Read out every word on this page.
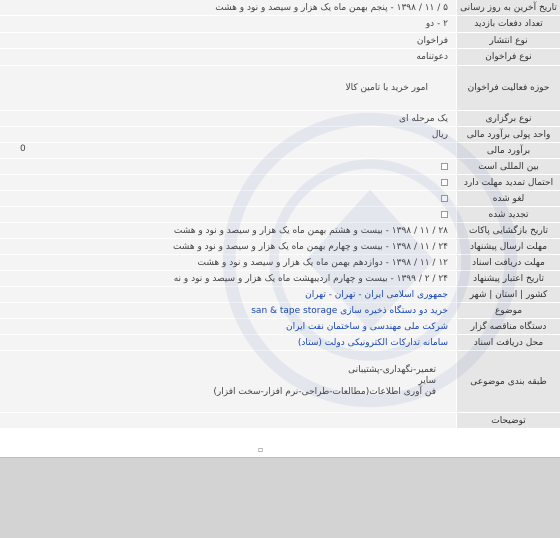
تاریخ آخرین به روز رسانی
۵ / ۱۱ / ۱۳۹۸ - پنجم بهمن ماه یک هزار و سیصد و نود و هشت
تعداد دفعات بازدید
۲ - دو
نوع انتشار
فراخوان
نوع فراخوان
دعوتنامه
حوزه فعالیت فراخوان
امور خرید با تامین کالا
نوع برگزاری
یک مرحله ای
واحد پولی برآورد مالی
ریال
برآورد مالی
0
بین المللی است
احتمال تمدید مهلت دارد
لغو شده
تجدید شده
تاریخ بازگشایی پاکات
۲۸ / ۱۱ / ۱۳۹۸ - بیست و هشتم بهمن ماه یک هزار و سیصد و نود و هشت
مهلت ارسال پیشنهاد
۲۴ / ۱۱ / ۱۳۹۸ - بیست و چهارم بهمن ماه یک هزار و سیصد و نود و هشت
مهلت دریافت اسناد
۱۲ / ۱۱ / ۱۳۹۸ - دوازدهم بهمن ماه یک هزار و سیصد و نود و هشت
تاریخ اعتبار پیشنهاد
۲۴ / ۲ / ۱۳۹۹ - بیست و چهارم اردیبهشت ماه یک هزار و سیصد و نود و نه
کشور | استان | شهر
جمهوری اسلامی ایران - تهران - تهران
موضوع
خرید دو دستگاه ذخیره سازی san & tape storage
دستگاه مناقصه گزار
شرکت ملی مهندسی و ساختمان نفت ایران
محل دریافت اسناد
سامانه تدارکات الکترونیکی دولت (ستاد)
طبقه بندی موضوعی
تعمیر-نگهداری-پشتیبانی
سایر
فن آوری اطلاعات(مطالعات-طراحی-نرم افزار-سخت افزار)
توضیحات
▫
